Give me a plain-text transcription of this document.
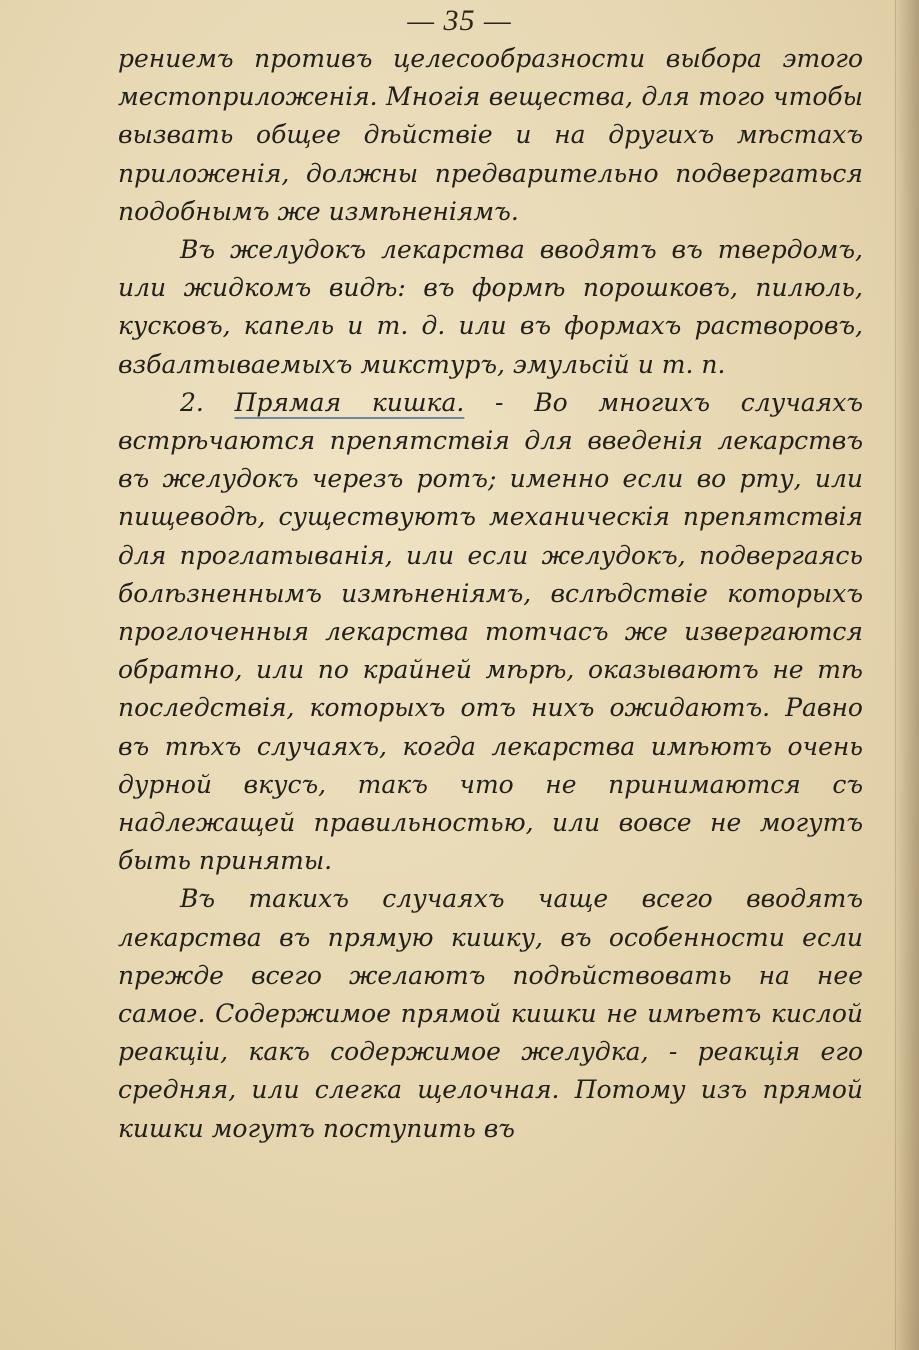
— 35 —

рениемъ противъ целесообразности выбора этого местоприложенія. Многія вещества, для того чтобы вызвать общее дѣйствіе и на другихъ мѣстахъ приложенія, должны предварительно подвергаться подобнымъ же измѣненіямъ.

Въ желудокъ лекарства вводятъ въ твердомъ, или жидкомъ видѣ: въ формѣ порошковъ, пилюль, кусковъ, капель и т. д. или въ формахъ растворовъ, взбалтываемыхъ микстуръ, эмульсій и т. п.

2. Прямая кишка. - Во многихъ случаяхъ встрѣчаются препятствія для введенія лекарствъ въ желудокъ черезъ ротъ; именно если во рту, или пищеводѣ, существуютъ механическія препятствія для проглатыванія, или если желудокъ, подвергаясь болѣзненнымъ измѣненіямъ, вслѣдствіе которыхъ проглоченныя лекарства тотчасъ же извергаются обратно, или по крайней мѣрѣ, оказываютъ не тѣ последствія, которыхъ отъ нихъ ожидаютъ. Равно въ тѣхъ случаяхъ, когда лекарства имѣютъ очень дурной вкусъ, такъ что не принимаются съ надлежащей правильностью, или вовсе не могутъ быть приняты.

Въ такихъ случаяхъ чаще всего вводятъ лекарства въ прямую кишку, въ особенности если прежде всего желаютъ подѣйствовать на нее самое. Содержимое прямой кишки не имѣетъ кислой реакціи, какъ содержимое желудка, - реакція его средняя, или слегка щелочная. Потому изъ прямой кишки могутъ поступить въ
